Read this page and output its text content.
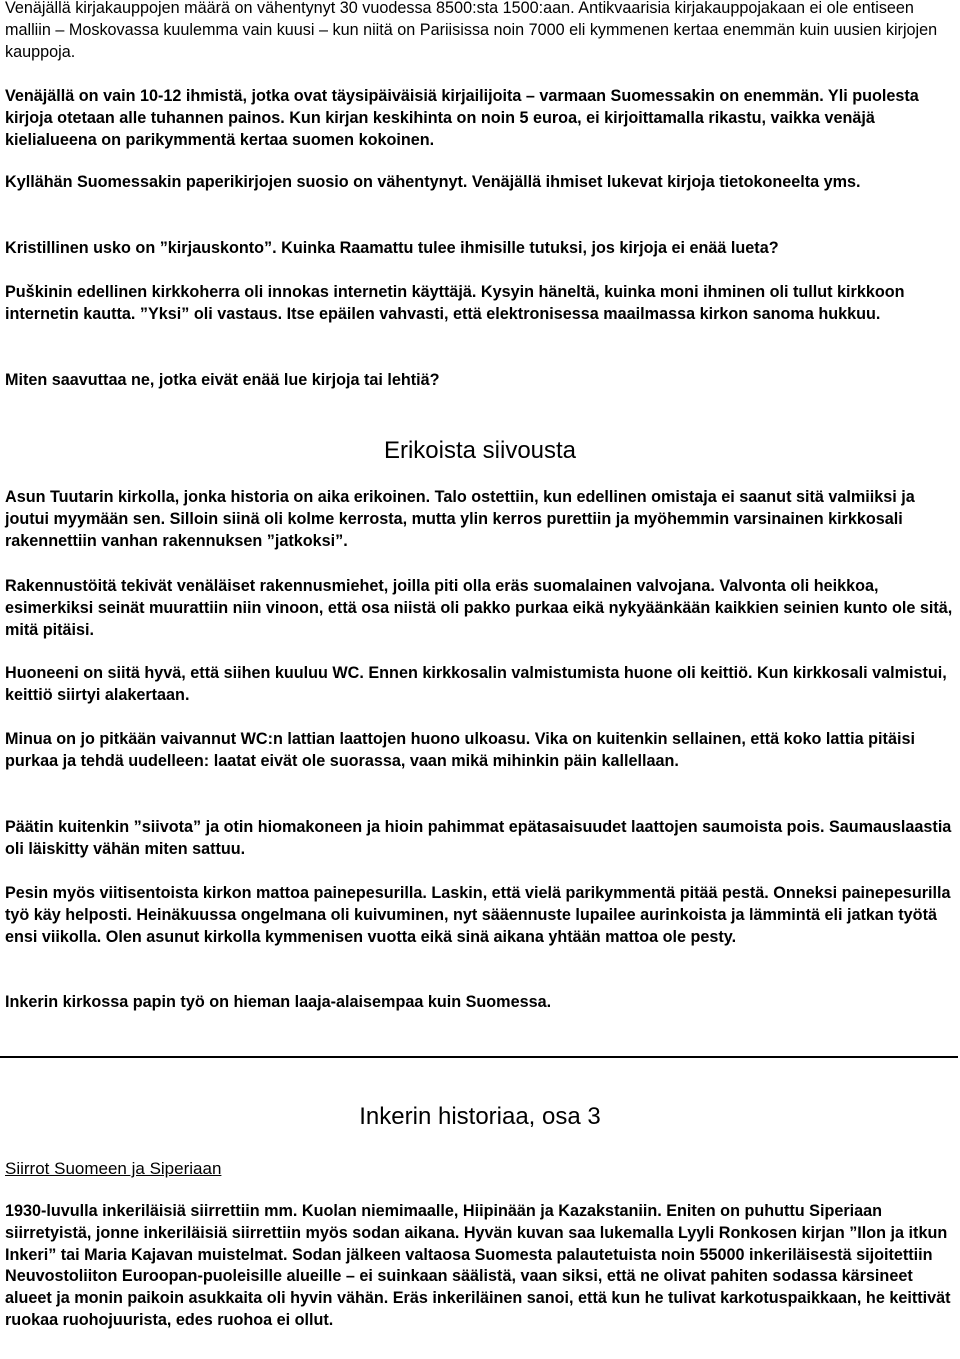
Venäjällä kirjakauppojen määrä on vähentynyt 30 vuodessa 8500:sta 1500:aan. Antikvaarisia kirjakauppojakaan ei ole entiseen malliin – Moskovassa kuulemma vain kuusi – kun niitä on Pariisissa noin 7000 eli kymmenen kertaa enemmän kuin uusien kirjojen kauppoja.

Venäjällä on vain 10-12 ihmistä, jotka ovat täysipäiväisiä kirjailijoita – varmaan Suomessakin on enemmän. Yli puolesta kirjoja otetaan alle tuhannen painos. Kun kirjan keskihinta on noin 5 euroa, ei kirjoittamalla rikastu, vaikka venäjä kielialueena on parikymmentä kertaa suomen kokoinen.

Kyllähän Suomessakin paperikirjojen suosio on vähentynyt. Venäjällä ihmiset lukevat kirjoja tietokoneelta yms.

Kristillinen usko on ”kirjauskonto”. Kuinka Raamattu tulee ihmisille tutuksi, jos kirjoja ei enää lueta?

Puškinin edellinen kirkkoherra oli innokas internetin käyttäjä. Kysyin häneltä, kuinka moni ihminen oli tullut kirkkoon internetin kautta. ”Yksi” oli vastaus. Itse epäilen vahvasti, että elektronisessa maailmassa kirkon sanoma hukkuu.

Miten saavuttaa ne, jotka eivät enää lue kirjoja tai lehtiä?

Erikoista siivousta

Asun Tuutarin kirkolla, jonka historia on aika erikoinen. Talo ostettiin, kun edellinen omistaja ei saanut sitä valmiiksi ja joutui myymään sen. Silloin siinä oli kolme kerrosta, mutta ylin kerros purettiin ja myöhemmin varsinainen kirkkosali rakennettiin vanhan rakennuksen ”jatkoksi”.

Rakennustöitä tekivät venäläiset rakennusmiehet, joilla piti olla eräs suomalainen valvojana. Valvonta oli heikkoa, esimerkiksi seinät muurattiin niin vinoon, että osa niistä oli pakko purkaa eikä nykyäänkään kaikkien seinien kunto ole sitä, mitä pitäisi.

Huoneeni on siitä hyvä, että siihen kuuluu WC. Ennen kirkkosalin valmistumista huone oli keittiö. Kun kirkkosali valmistui, keittiö siirtyi alakertaan.

Minua on jo pitkään vaivannut WC:n lattian laattojen huono ulkoasu. Vika on kuitenkin sellainen, että koko lattia pitäisi purkaa ja tehdä uudelleen: laatat eivät ole suorassa, vaan mikä mihinkin päin kallellaan.

Päätin kuitenkin ”siivota” ja otin hiomakoneen ja hioin pahimmat epätasaisuudet laattojen saumoista pois. Saumauslaastia oli läiskitty vähän miten sattuu.

Pesin myös viitisentoista kirkon mattoa painepesurilla. Laskin, että vielä parikymmentä pitää pestä. Onneksi painepesurilla työ käy helposti. Heinäkuussa ongelmana oli kuivuminen, nyt sääennuste lupailee aurinkoista ja lämmintä eli jatkan työtä ensi viikolla. Olen asunut kirkolla kymmenisen vuotta eikä sinä aikana yhtään mattoa ole pesty.

Inkerin kirkossa papin työ on hieman laaja-alaisempaa kuin Suomessa.

Inkerin historiaa, osa 3

Siirrot Suomeen ja Siperiaan

1930-luvulla inkeriläisiä siirrettiin mm. Kuolan niemimaalle, Hiipinään ja Kazakstaniin. Eniten on puhuttu Siperiaan siirretyistä, jonne inkeriläisiä siirrettiin myös sodan aikana. Hyvän kuvan saa lukemalla Lyyli Ronkosen kirjan ”Ilon ja itkun Inkeri” tai Maria Kajavan muistelmat. Sodan jälkeen valtaosa Suomesta palautetuista noin 55000 inkeriläisestä sijoitettiin Neuvostoliiton Euroopan-puoleisille alueille – ei suinkaan säälistä, vaan siksi, että ne olivat pahiten sodassa kärsineet alueet ja monin paikoin asukkaita oli hyvin vähän. Eräs inkeriläinen sanoi, että kun he tulivat karkotuspaikkaan, he keittivät ruokaa ruohojuurista, edes ruohoa ei ollut.
